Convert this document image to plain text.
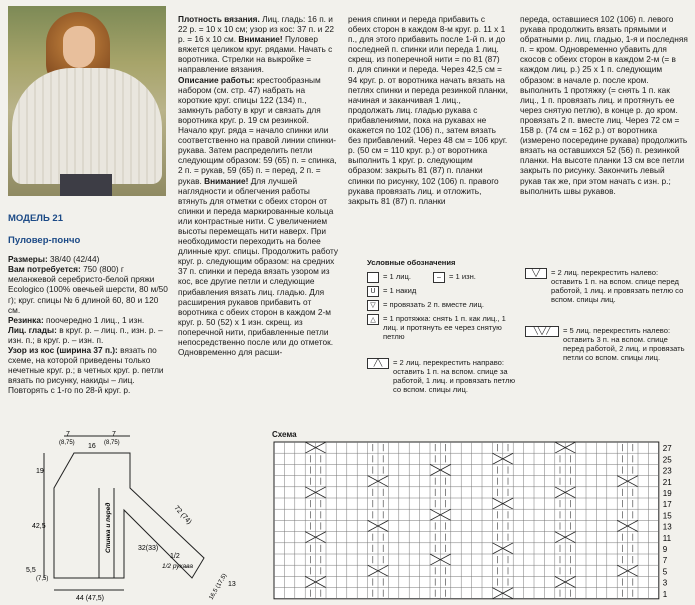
МОДЕЛЬ 21

Пуловер-пончо

Размеры: 38/40 (42/44)

Вам потребуется: 750 (800) г меланжевой серебристо-белой пряжи Ecologico (100% овечьей шерсти, 80 м/50 г); круг. спицы № 6 длиной 60, 80 и 120 см.

Резинка: поочередно 1 лиц., 1 изн.

Лиц. глады: в круг. р. – лиц. п., изн. р. – изн. п.; в круг. р. – изн. п.

Узор из кос (ширина 37 п.): вязать по схеме, на которой приведены только нечетные круг. р.; в четных круг. р. петли вязать по рисунку, накиды – лиц. Повторять с 1-го по 28-й круг. р.

Плотность вязания. Лиц. гладь: 16 п. и 22 р. = 10 х 10 см; узор из кос: 37 п. и 22 р. = 16 х 10 см. Внимание! Пуловер вяжется целиком круг. рядами. Начать с воротника. Стрелки на выкройке = направление вязания.

Описание работы: крестообразным набором (см. стр. 47) набрать на короткие круг. спицы 122 (134) п., замкнуть работу в круг и связать для воротника круг. р. 19 см резинкой. Начало круг. ряда = начало спинки или соответственно на правой линии спинки-рукава. Затем распределить петли следующим образом: 59 (65) п. = спинка, 2 п. = рукав, 59 (65) п. = перед, 2 п. = рукав. Внимание! Для лучшей наглядности и облегчения работы втянуть для отметки с обеих сторон от спинки и переда маркированные кольца или контрастные нити. С увеличением высоты перемещать нити наверх. При необходимости переходить на более длинные круг. спицы. Продолжить работу круг. р. следующим образом: на средних 37 п. спинки и переда вязать узором из кос, все другие петли и следующие прибавления вязать лиц. гладью. Для расширения рукавов прибавить от воротника с обеих сторон в каждом 2-м круг. р. 50 (52) х 1 изн. скрещ. из поперечной нити, прибавленные петли непосредственно после или до отметок. Одновременно для расши-

рения спинки и переда прибавить с обеих сторон в каждом 8-м круг. р. 11 х 1 п., для этого прибавить после 1-й п. и до последней п. спинки или переда 1 лиц. скрещ. из поперечной нити = по 81 (87) п. для спинки и переда. Через 42,5 см = 94 круг. р. от воротника начать вязать на петлях спинки и переда резинкой планки, начиная и заканчивая 1 лиц., продолжать лиц. гладью рукава с прибавлениями, пока на рукавах не окажется по 102 (106) п., затем вязать без прибавлений. Через 48 см = 106 круг. р. (50 см = 110 круг. р.) от воротника выполнить 1 круг. р. следующим образом: закрыть 81 (87) п. планки спинки по рисунку, 102 (106) п. правого рукава провязать лиц. и отложить, закрыть 81 (87) п. планки

переда, оставшиеся 102 (106) п. левого рукава продолжить вязать прямыми и обратными р. лиц. гладью, 1-я и последняя п. = кром. Одновременно убавить для скосов с обеих сторон в каждом 2-м (= в каждом лиц. р.) 25 х 1 п. следующим образом: в начале р. после кром. выполнить 1 протяжку (= снять 1 п. как лиц., 1 п. провязать лиц. и протянуть ее через снятую петлю), в конце р. до кром. провязать 2 п. вместе лиц. Через 72 см = 158 р. (74 см = 162 р.) от воротника (измерено посередине рукава) продолжить вязать на оставшихся 52 (56) п. резинкой планки. На высоте планки 13 см все петли закрыть по рисунку. Закончить левый рукав так же, при этом начать с изн. р.; выполнить швы рукавов.

Условные обозначения
= 1 лиц.	–	= 1 изн.
U = 1 накид
▽ = провязать 2 п. вместе лиц.
▽ = 1 протяжка: снять 1 п. как лиц., 1 лиц. и протянуть ее через снятую петлю
╱╲	= 2 лиц. перекрестить направо: оставить 1 п. на вспом. спице за работой, 1 лиц. и провязать петлю со вспом. спицы лиц.
╲╱	= 2 лиц. перекрестить налево: оставить 1 п. на вспом. спице перед работой, 1 лиц. и провязать петлю со вспом. спицы лиц.
╲╲╱╱	= 5 лиц. перекрестить налево: оставить 3 п. на вспом. спице перед работой, 2 лиц. и провязать петли со вспом. спицы лиц.
7
(8,75) 16
7
(8,75)
19
42,5
5,5
(7,5)
44 (47,5)
Спинка и перед	72 (74)
32(33)
1/2
1/2 рукава
16,5 (17,5) 13
Схема
27
25
23
21
19
17
15
13
11
9
7
5
3
1
